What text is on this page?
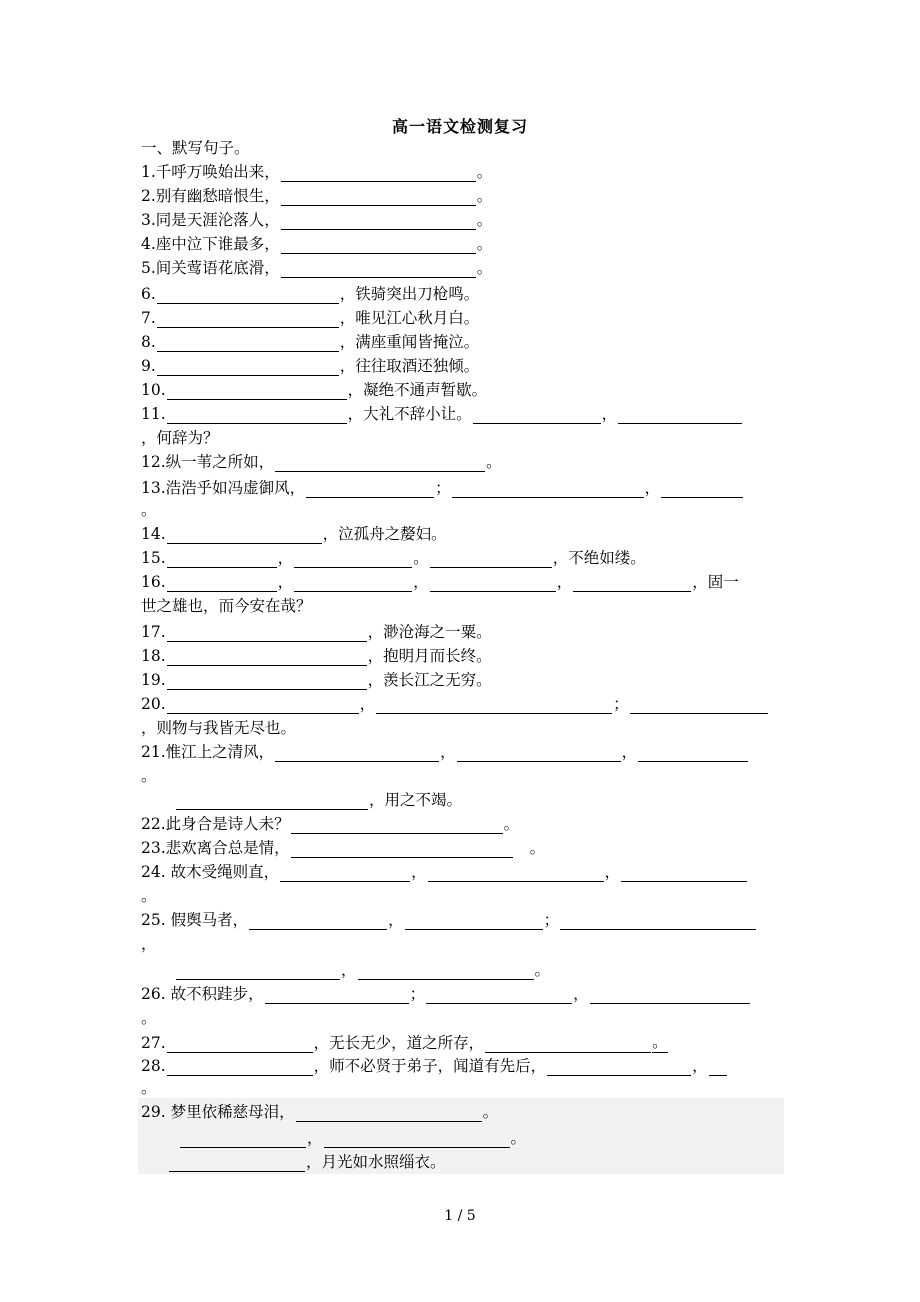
高一语文检测复习
一、默写句子。
1.千呼万唤始出来，	。
2.别有幽愁暗恨生，	。
3.同是天涯沦落人，	。
4.座中泣下谁最多，	。
5.间关莺语花底滑，	。
6.	，铁骑突出刀枪鸣。
7.	，唯见江心秋月白。
8.	，满座重闻皆掩泣。
9.	，往往取酒还独倾。
10.	，凝绝不通声暂歇。
11.	，大礼不辞小让。	，
，何辞为？
12.纵一苇之所如，	。
13.浩浩乎如冯虚御风，	；	，
。
14.	，泣孤舟之嫠妇。
15.	，	。	，不绝如缕。
16.	，	，	，	，固一
世之雄也，而今安在哉？
17.	，渺沧海之一粟。
18.	，抱明月而长终。
19.	，羡长江之无穷。
20.	，	；
，则物与我皆无尽也。
21.惟江上之清风，	，	，
。
，用之不竭。
22.此身合是诗人未？	。
23.悲欢离合总是情，	。
24. 故木受绳则直，	，	，
。
25. 假舆马者，	，	；
，
，	。
26. 故不积跬步，	；	，
。
27.	，无长无少，道之所存，	。
28.	，师不必贤于弟子，闻道有先后，	，
。
29. 梦里依稀慈母泪，	。
，	。
，月光如水照缁衣。
1 / 5
